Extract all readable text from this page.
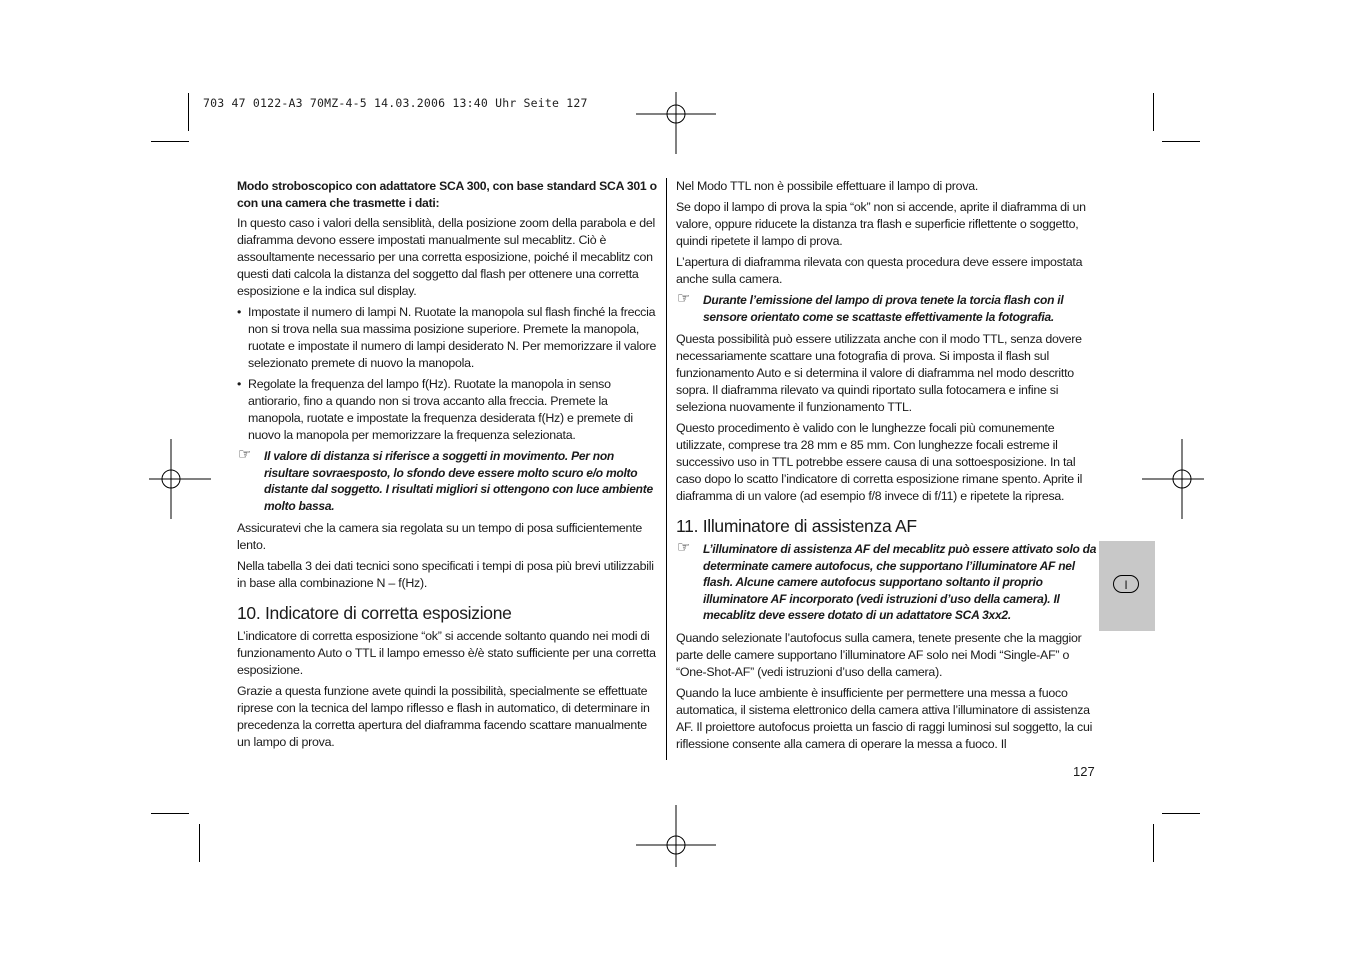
703 47 0122-A3 70MZ-4-5 14.03.2006 13:40 Uhr Seite 127

Modo stroboscopico con adattatore SCA 300, con base standard SCA 301 o con una camera che trasmette i dati:

In questo caso i valori della sensiblità, della posizione zoom della parabola e del diaframma devono essere impostati manualmente sul mecablitz. Ciò è assoultamente necessario per una corretta esposizione, poiché il mecablitz con questi dati calcola la distanza del soggetto dal flash per ottenere una corretta esposizione e la indica sul display.

• Impostate il numero di lampi N. Ruotate la manopola sul flash finché la freccia non si trova nella sua massima posizione superiore. Premete la manopola, ruotate e impostate il numero di lampi desiderato N. Per memorizzare il valore selezionato premete di nuovo la manopola.
• Regolate la frequenza del lampo f(Hz). Ruotate la manopola in senso antiorario, fino a quando non si trova accanto alla freccia. Premete la manopola, ruotate e impostate la frequenza desiderata f(Hz) e premete di nuovo la manopola per memorizzare la frequenza selezionata.
☞ Il valore di distanza si riferisce a soggetti in movimento. Per non risultare sovraesposto, lo sfondo deve essere molto scuro e/o molto distante dal soggetto. I risultati migliori si ottengono con luce ambiente molto bassa.

Assicuratevi che la camera sia regolata su un tempo di posa sufficientemente lento.

Nella tabella 3 dei dati tecnici sono specificati i tempi di posa più brevi utilizzabili in base alla combinazione N – f(Hz).

10. Indicatore di corretta esposizione

L’indicatore di corretta esposizione “ok” si accende soltanto quando nei modi di funzionamento Auto o TTL il lampo emesso è/è stato sufficiente per una corretta esposizione.

Grazie a questa funzione avete quindi la possibilità, specialmente se effettuate riprese con la tecnica del lampo riflesso e flash in automatico, di determinare in precedenza la corretta apertura del diaframma facendo scattare manualmente un lampo di prova.

Nel Modo TTL non è possibile effettuare il lampo di prova.

Se dopo il lampo di prova la spia “ok” non si accende, aprite il diaframma di un valore, oppure riducete la distanza tra flash e superficie riflettente o soggetto, quindi ripetete il lampo di prova.

L’apertura di diaframma rilevata con questa procedura deve essere impostata anche sulla camera.

☞ Durante l’emissione del lampo di prova tenete la torcia flash con il sensore orientato come se scattaste effettivamente la fotografia.

Questa possibilità può essere utilizzata anche con il modo TTL, senza dovere necessariamente scattare una fotografia di prova. Si imposta il flash sul funzionamento Auto e si determina il valore di diaframma nel modo descritto sopra. Il diaframma rilevato va quindi riportato sulla fotocamera e infine si seleziona nuovamente il funzionamento TTL.

Questo procedimento è valido con le lunghezze focali più comunemente utilizzate, comprese tra 28 mm e 85 mm. Con lunghezze focali estreme il successivo uso in TTL potrebbe essere causa di una sottoesposizione. In tal caso dopo lo scatto l’indicatore di corretta esposizione rimane spento. Aprite il diaframma di un valore (ad esempio f/8 invece di f/11) e ripetete la ripresa.

11. Illuminatore di assistenza AF
☞ L’illuminatore di assistenza AF del mecablitz può essere attivato solo da determinate camere autofocus, che supportano l’illuminatore AF nel flash. Alcune camere autofocus supportano soltanto il proprio illuminatore AF incorporato (vedi istruzioni d’uso della camera). Il mecablitz deve essere dotato di un adattatore SCA 3xx2.

Quando selezionate l’autofocus sulla camera, tenete presente che la maggior parte delle camere supportano l’illuminatore AF solo nei Modi “Single-AF” o “One-Shot-AF” (vedi istruzioni d’uso della camera).

Quando la luce ambiente è insufficiente per permettere una messa a fuoco automatica, il sistema elettronico della camera attiva l’illuminatore di assistenza AF. Il proiettore autofocus proietta un fascio di raggi luminosi sul soggetto, la cui riflessione consente alla camera di operare la messa a fuoco. Il

I
127
